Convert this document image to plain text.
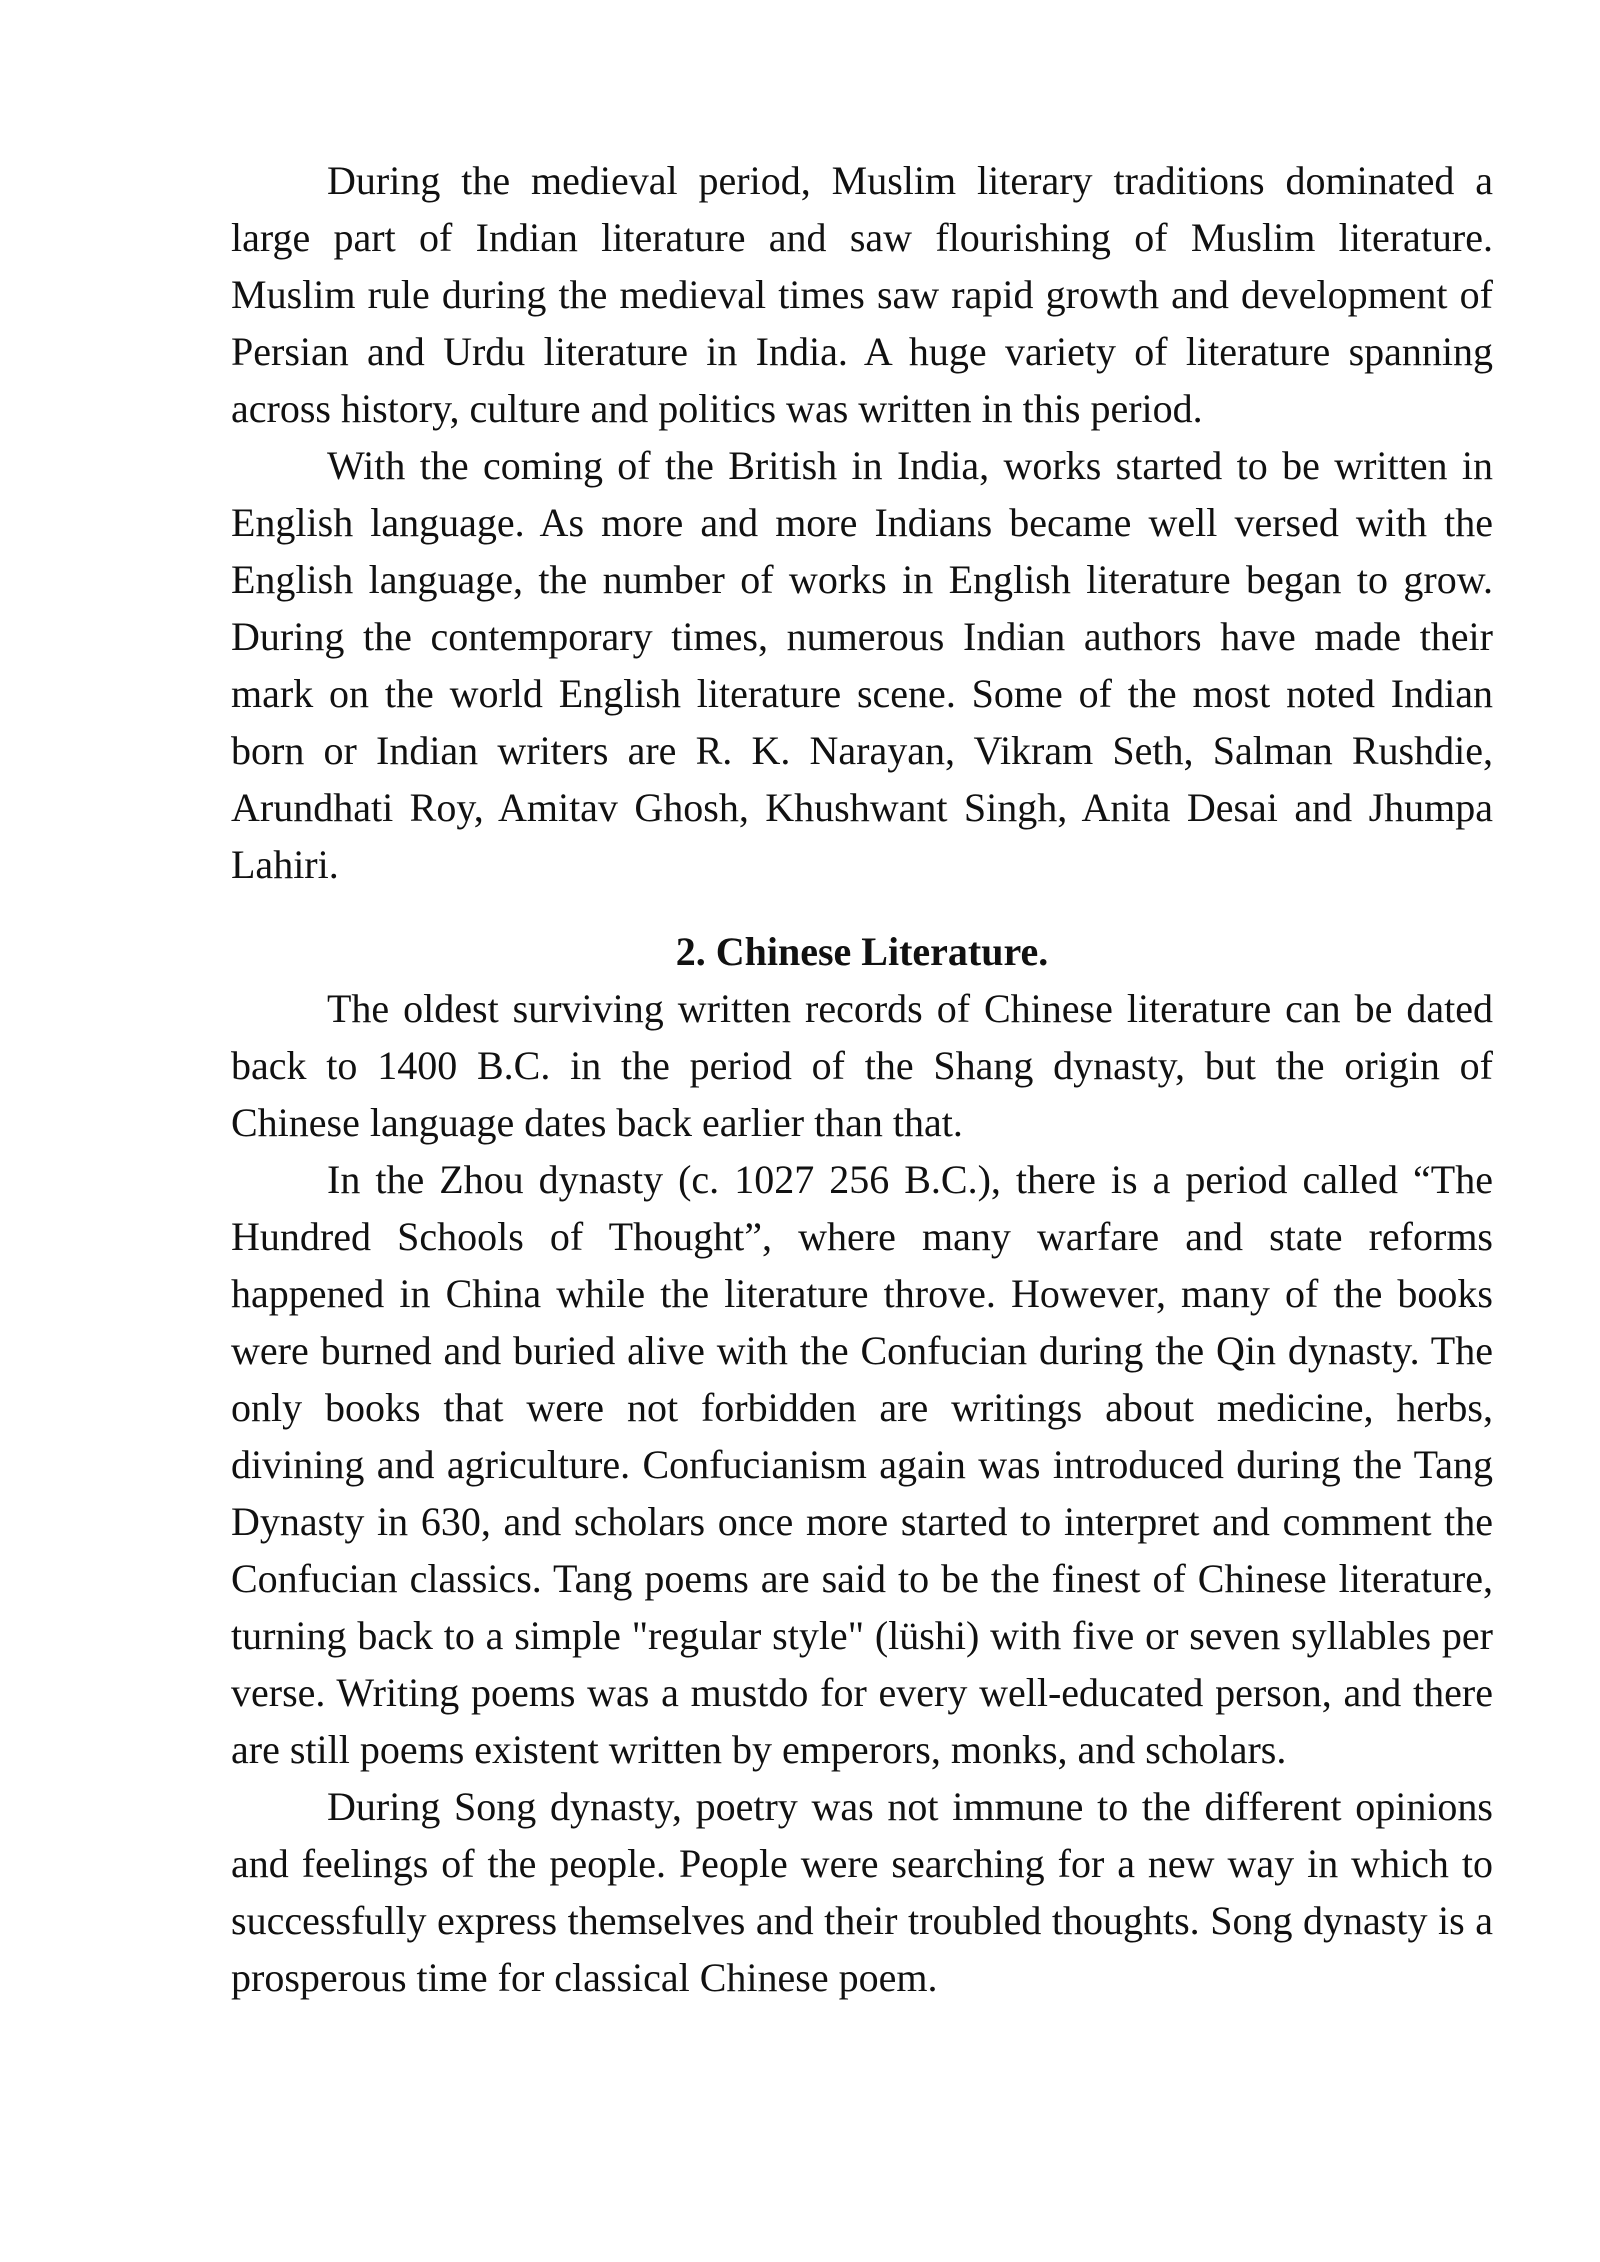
During the medieval period, Muslim literary traditions dominated a large part of Indian literature and saw flourishing of Muslim literature. Muslim rule during the medieval times saw rapid growth and development of Persian and Urdu literature in India. A huge variety of literature spanning across history, culture and politics was written in this period.

With the coming of the British in India, works started to be written in English language. As more and more Indians became well versed with the English language, the number of works in English literature began to grow. During the contemporary times, numerous Indian authors have made their mark on the world English literature scene. Some of the most noted Indian born or Indian writers are R. K. Narayan, Vikram Seth, Salman Rushdie, Arundhati Roy, Amitav Ghosh, Khushwant Singh, Anita Desai and Jhumpa Lahiri.

2. Chinese Literature.

The oldest surviving written records of Chinese literature can be dated back to 1400 B.C. in the period of the Shang dynasty, but the origin of Chinese language dates back earlier than that.

In the Zhou dynasty (c. 1027 256 B.C.), there is a period called “The Hundred Schools of Thought”, where many warfare and state reforms happened in China while the literature throve. However, many of the books were burned and buried alive with the Confucian during the Qin dynasty. The only books that were not forbidden are writings about medicine, herbs, divining and agriculture. Confucianism again was introduced during the Tang Dynasty in 630, and scholars once more started to interpret and comment the Confucian classics. Tang poems are said to be the finest of Chinese literature, turning back to a simple "regular style" (lüshi) with five or seven syllables per verse. Writing poems was a mustdo for every well-educated person, and there are still poems existent written by emperors, monks, and scholars.

During Song dynasty, poetry was not immune to the different opinions and feelings of the people. People were searching for a new way in which to successfully express themselves and their troubled thoughts. Song dynasty is a prosperous time for classical Chinese poem.
